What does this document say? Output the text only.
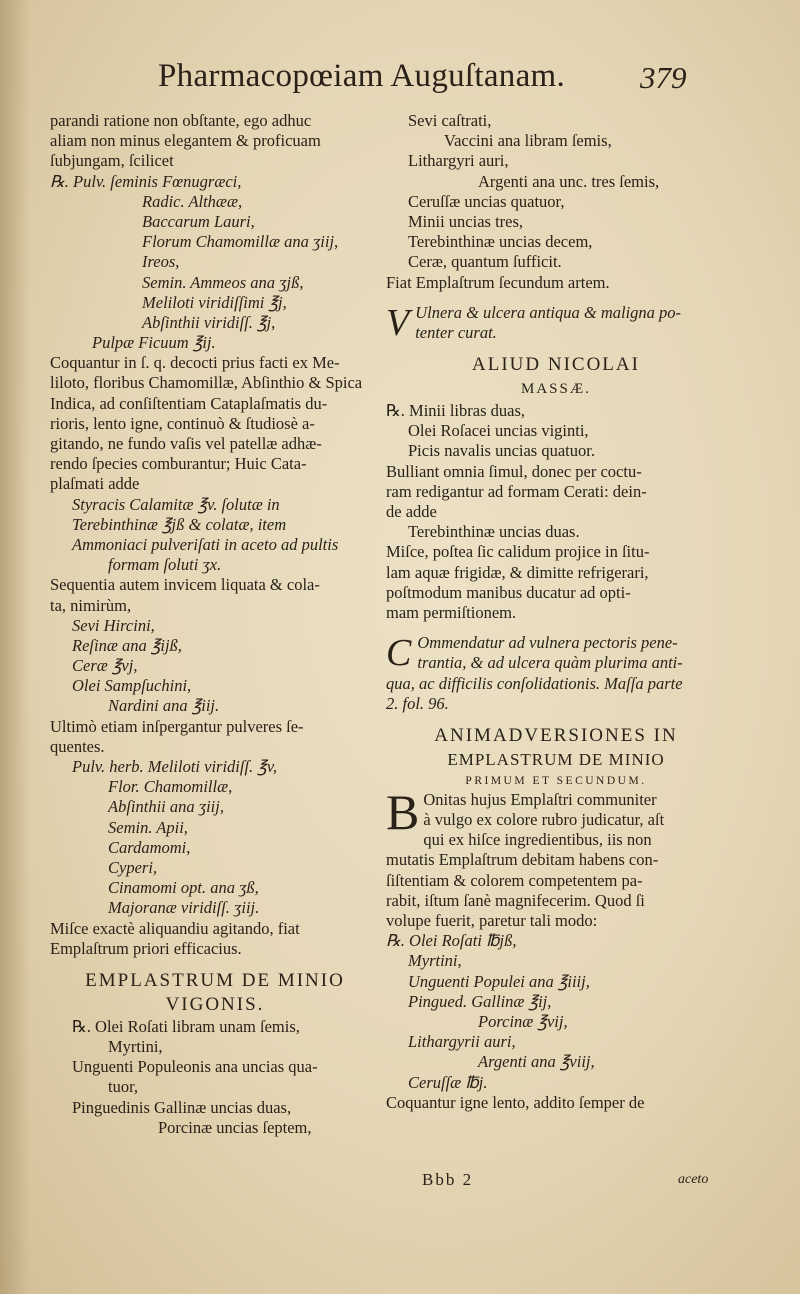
Pharmacopœiam Auguſtanam. 379
parandi ratione non obſtante, ego adhuc
aliam non minus elegantem & proficuam
ſubjungam, ſcilicet
℞. Pulv. ſeminis Fœnugræci,
Radic. Althææ,
Baccarum Lauri,
Florum Chamomillæ ana ʒiij,
Ireos,
Semin. Ammeos ana ʒjß,
Meliloti viridiſſimi ℥j,
Abſinthii viridiſſ. ℥j,
Pulpæ Ficuum ℥ij.
Coquantur in ſ. q. decocti prius facti ex Me-
liloto, floribus Chamomillæ, Abſinthio & Spica
Indica, ad conſiſtentiam Cataplaſmatis du-
rioris, lento igne, continuò & ſtudiosè a-
gitando, ne fundo vaſis vel patellæ adhæ-
rendo ſpecies comburantur; Huic Cata-
plaſmati adde
Styracis Calamitæ ℥v. ſolutæ in
Terebinthinæ ℥jß & colatæ, item
Ammoniaci pulveriſati in aceto ad pultis
formam ſoluti ʒx.
Sequentia autem invicem liquata & cola-
ta, nimirùm,
Sevi Hircini,
Reſinæ ana ℥ijß,
Ceræ ℥vj,
Olei Sampſuchini,
Nardini ana ℥iij.
Ultimò etiam inſpergantur pulveres ſe-
quentes.
Pulv. herb. Meliloti viridiſſ. ℥v,
Flor. Chamomillæ,
Abſinthii ana ʒiij,
Semin. Apii,
Cardamomi,
Cyperi,
Cinamomi opt. ana ʒß,
Majoranæ viridiſſ. ʒiij.
Miſce exactè aliquandiu agitando, fiat
Emplaſtrum priori efficacius.
EMPLASTRUM DE MINIO
VIGONIS.
℞. Olei Roſati libram unam ſemis,
Myrtini,
Unguenti Populeonis ana uncias qua-
tuor,
Pinguedinis Gallinæ uncias duas,
Porcinæ uncias ſeptem,
Sevi caſtrati,
Vaccini ana libram ſemis,
Lithargyri auri,
Argenti ana unc. tres ſemis,
Ceruſſæ uncias quatuor,
Minii uncias tres,
Terebinthinæ uncias decem,
Ceræ, quantum ſufficit.
Fiat Emplaſtrum ſecundum artem.
V Ulnera & ulcera antiqua & maligna po-
tenter curat.
ALIUD NICOLAI
MASSÆ.
℞. Minii libras duas,
Olei Roſacei uncias viginti,
Picis navalis uncias quatuor.
Bulliant omnia ſimul, donec per coctu-
ram redigantur ad formam Cerati: dein-
de adde
Terebinthinæ uncias duas.
Miſce, poſtea ſic calidum projice in ſitu-
lam aquæ frigidæ, & dimitte refrigerari,
poſtmodum manibus ducatur ad opti-
mam permiſtionem.
C Ommendatur ad vulnera pectoris pene-
trantia, & ad ulcera quàm plurima anti-
qua, ac difficilis conſolidationis. Maſſa parte
2. fol. 96.
ANIMADVERSIONES IN
EMPLASTRUM DE MINIO
PRIMUM ET SECUNDUM.
B Onitas hujus Emplaſtri communiter
à vulgo ex colore rubro judicatur, aſt
qui ex hiſce ingredientibus, iis non
mutatis Emplaſtrum debitam habens con-
ſiſtentiam & colorem competentem pa-
rabit, iſtum ſanè magnifecerim. Quod ſi
volupe fuerit, paretur tali modo:
℞. Olei Roſati ℔jß,
Myrtini,
Unguenti Populei ana ℥iiij,
Pingued. Gallinæ ℥ij,
Porcinæ ℥vij,
Lithargyrii auri,
Argenti ana ℥viij,
Ceruſſæ ℔j.
Coquantur igne lento, addito ſemper de
Bbb 2	aceto
